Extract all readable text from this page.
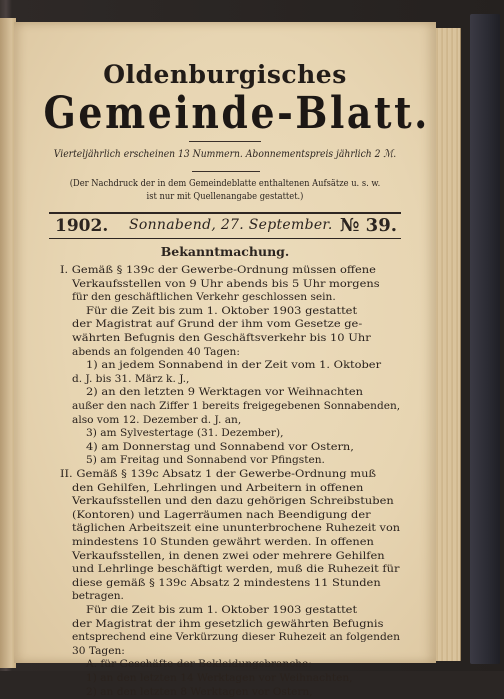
Oldenburgisches
Gemeinde-Blatt.
Vierteljährlich erscheinen 13 Nummern. Abonnementspreis jährlich 2 ℳ.
(Der Nachdruck der in dem Gemeindeblatte enthaltenen Aufsätze u. s. w.
ist nur mit Quellenangabe gestattet.)
1902. Sonnabend, 27. September. № 39.
Bekanntmachung.
I. Gemäß § 139c der Gewerbe-Ordnung müssen offene
Verkaufsstellen von 9 Uhr abends bis 5 Uhr morgens
für den geschäftlichen Verkehr geschlossen sein.
Für die Zeit bis zum 1. Oktober 1903 gestattet
der Magistrat auf Grund der ihm vom Gesetze ge-
währten Befugnis den Geschäftsverkehr bis 10 Uhr
abends an folgenden 40 Tagen:
1) an jedem Sonnabend in der Zeit vom 1. Oktober
d. J. bis 31. März k. J.,
2) an den letzten 9 Werktagen vor Weihnachten
außer den nach Ziffer 1 bereits freigegebenen Sonnabenden,
also vom 12. Dezember d. J. an,
3) am Sylvestertage (31. Dezember),
4) am Donnerstag und Sonnabend vor Ostern,
5) am Freitag und Sonnabend vor Pfingsten.
II. Gemäß § 139c Absatz 1 der Gewerbe-Ordnung muß
den Gehilfen, Lehrlingen und Arbeitern in offenen
Verkaufsstellen und den dazu gehörigen Schreibstuben
(Kontoren) und Lagerräumen nach Beendigung der
täglichen Arbeitszeit eine ununterbrochene Ruhezeit von
mindestens 10 Stunden gewährt werden. In offenen
Verkaufsstellen, in denen zwei oder mehrere Gehilfen
und Lehrlinge beschäftigt werden, muß die Ruhezeit für
diese gemäß § 139c Absatz 2 mindestens 11 Stunden
betragen.
Für die Zeit bis zum 1. Oktober 1903 gestattet
der Magistrat der ihm gesetzlich gewährten Befugnis
entsprechend eine Verkürzung dieser Ruhezeit an folgenden
30 Tagen:
A. für Geschäfte der Bekleidungsbranche:
1) an den letzten 14 Werktagen vor Weihnachten,
2) an den letzten 8 Werktagen vor Ostern,
